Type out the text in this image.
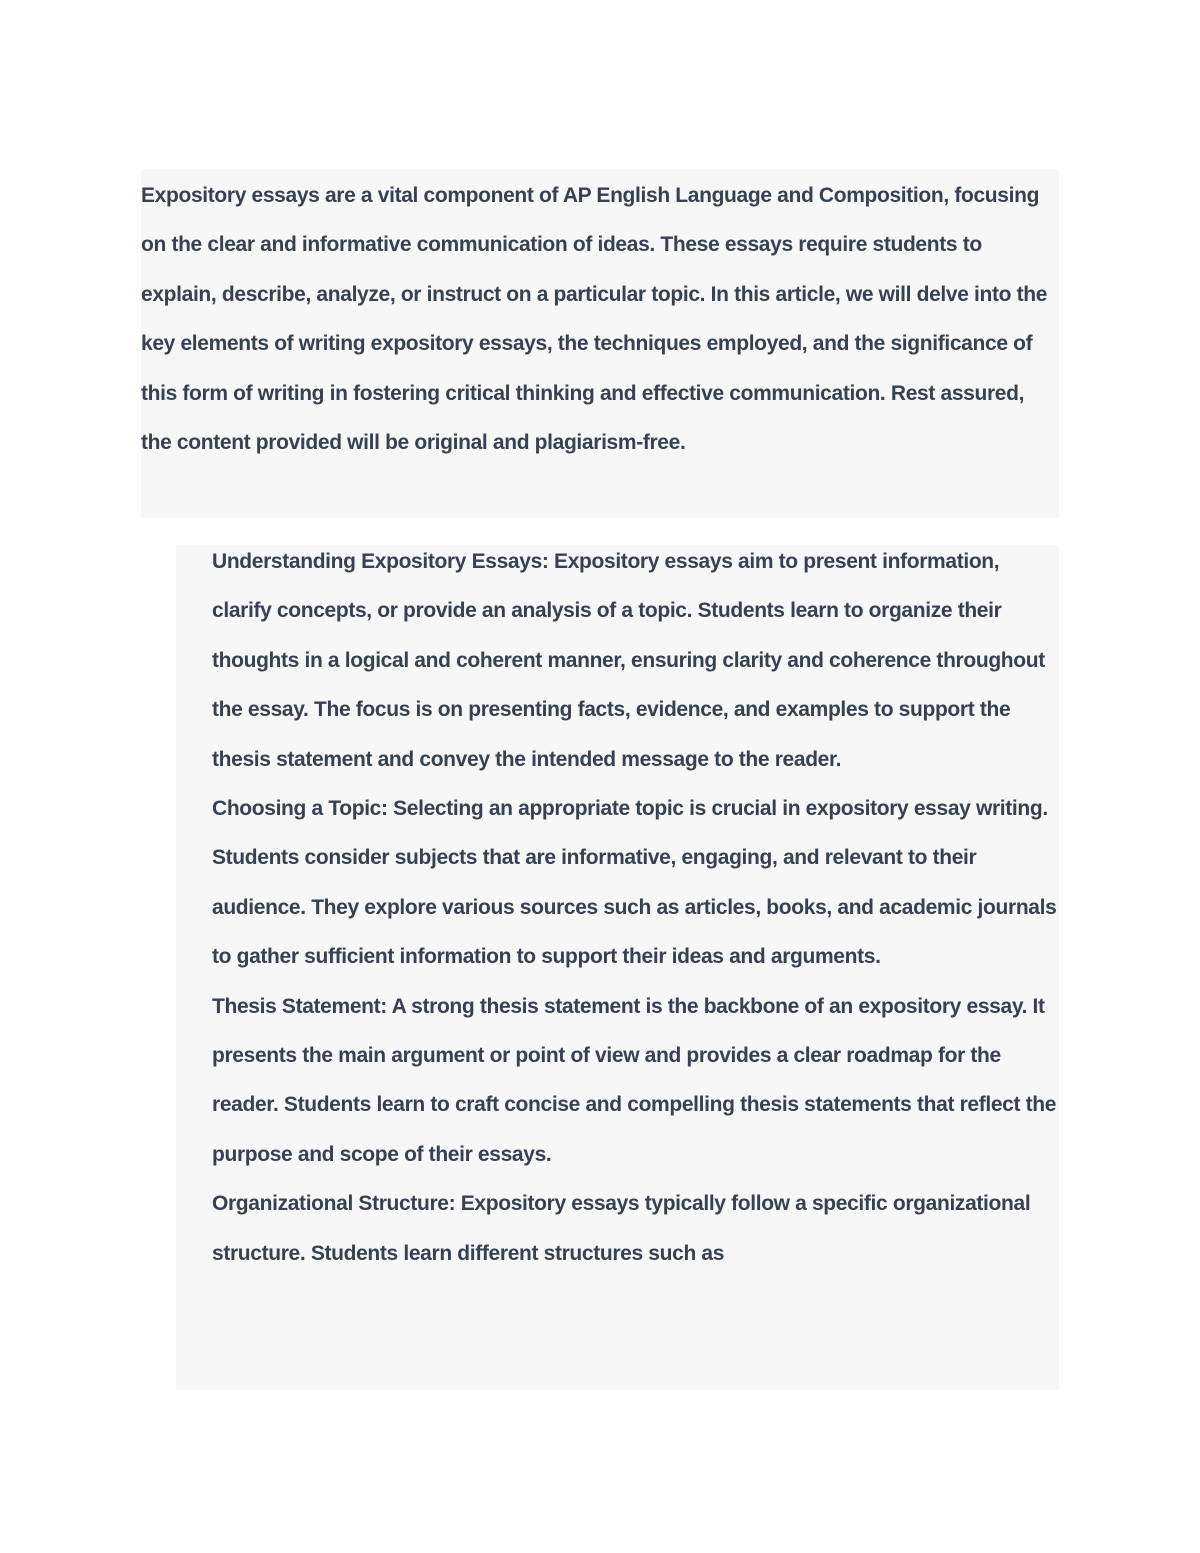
Expository essays are a vital component of AP English Language and Composition, focusing on the clear and informative communication of ideas. These essays require students to explain, describe, analyze, or instruct on a particular topic. In this article, we will delve into the key elements of writing expository essays, the techniques employed, and the significance of this form of writing in fostering critical thinking and effective communication. Rest assured, the content provided will be original and plagiarism-free.

Understanding Expository Essays: Expository essays aim to present information, clarify concepts, or provide an analysis of a topic. Students learn to organize their thoughts in a logical and coherent manner, ensuring clarity and coherence throughout the essay. The focus is on presenting facts, evidence, and examples to support the thesis statement and convey the intended message to the reader.

Choosing a Topic: Selecting an appropriate topic is crucial in expository essay writing. Students consider subjects that are informative, engaging, and relevant to their audience. They explore various sources such as articles, books, and academic journals to gather sufficient information to support their ideas and arguments.

Thesis Statement: A strong thesis statement is the backbone of an expository essay. It presents the main argument or point of view and provides a clear roadmap for the reader. Students learn to craft concise and compelling thesis statements that reflect the purpose and scope of their essays.

Organizational Structure: Expository essays typically follow a specific organizational structure. Students learn different structures such as
